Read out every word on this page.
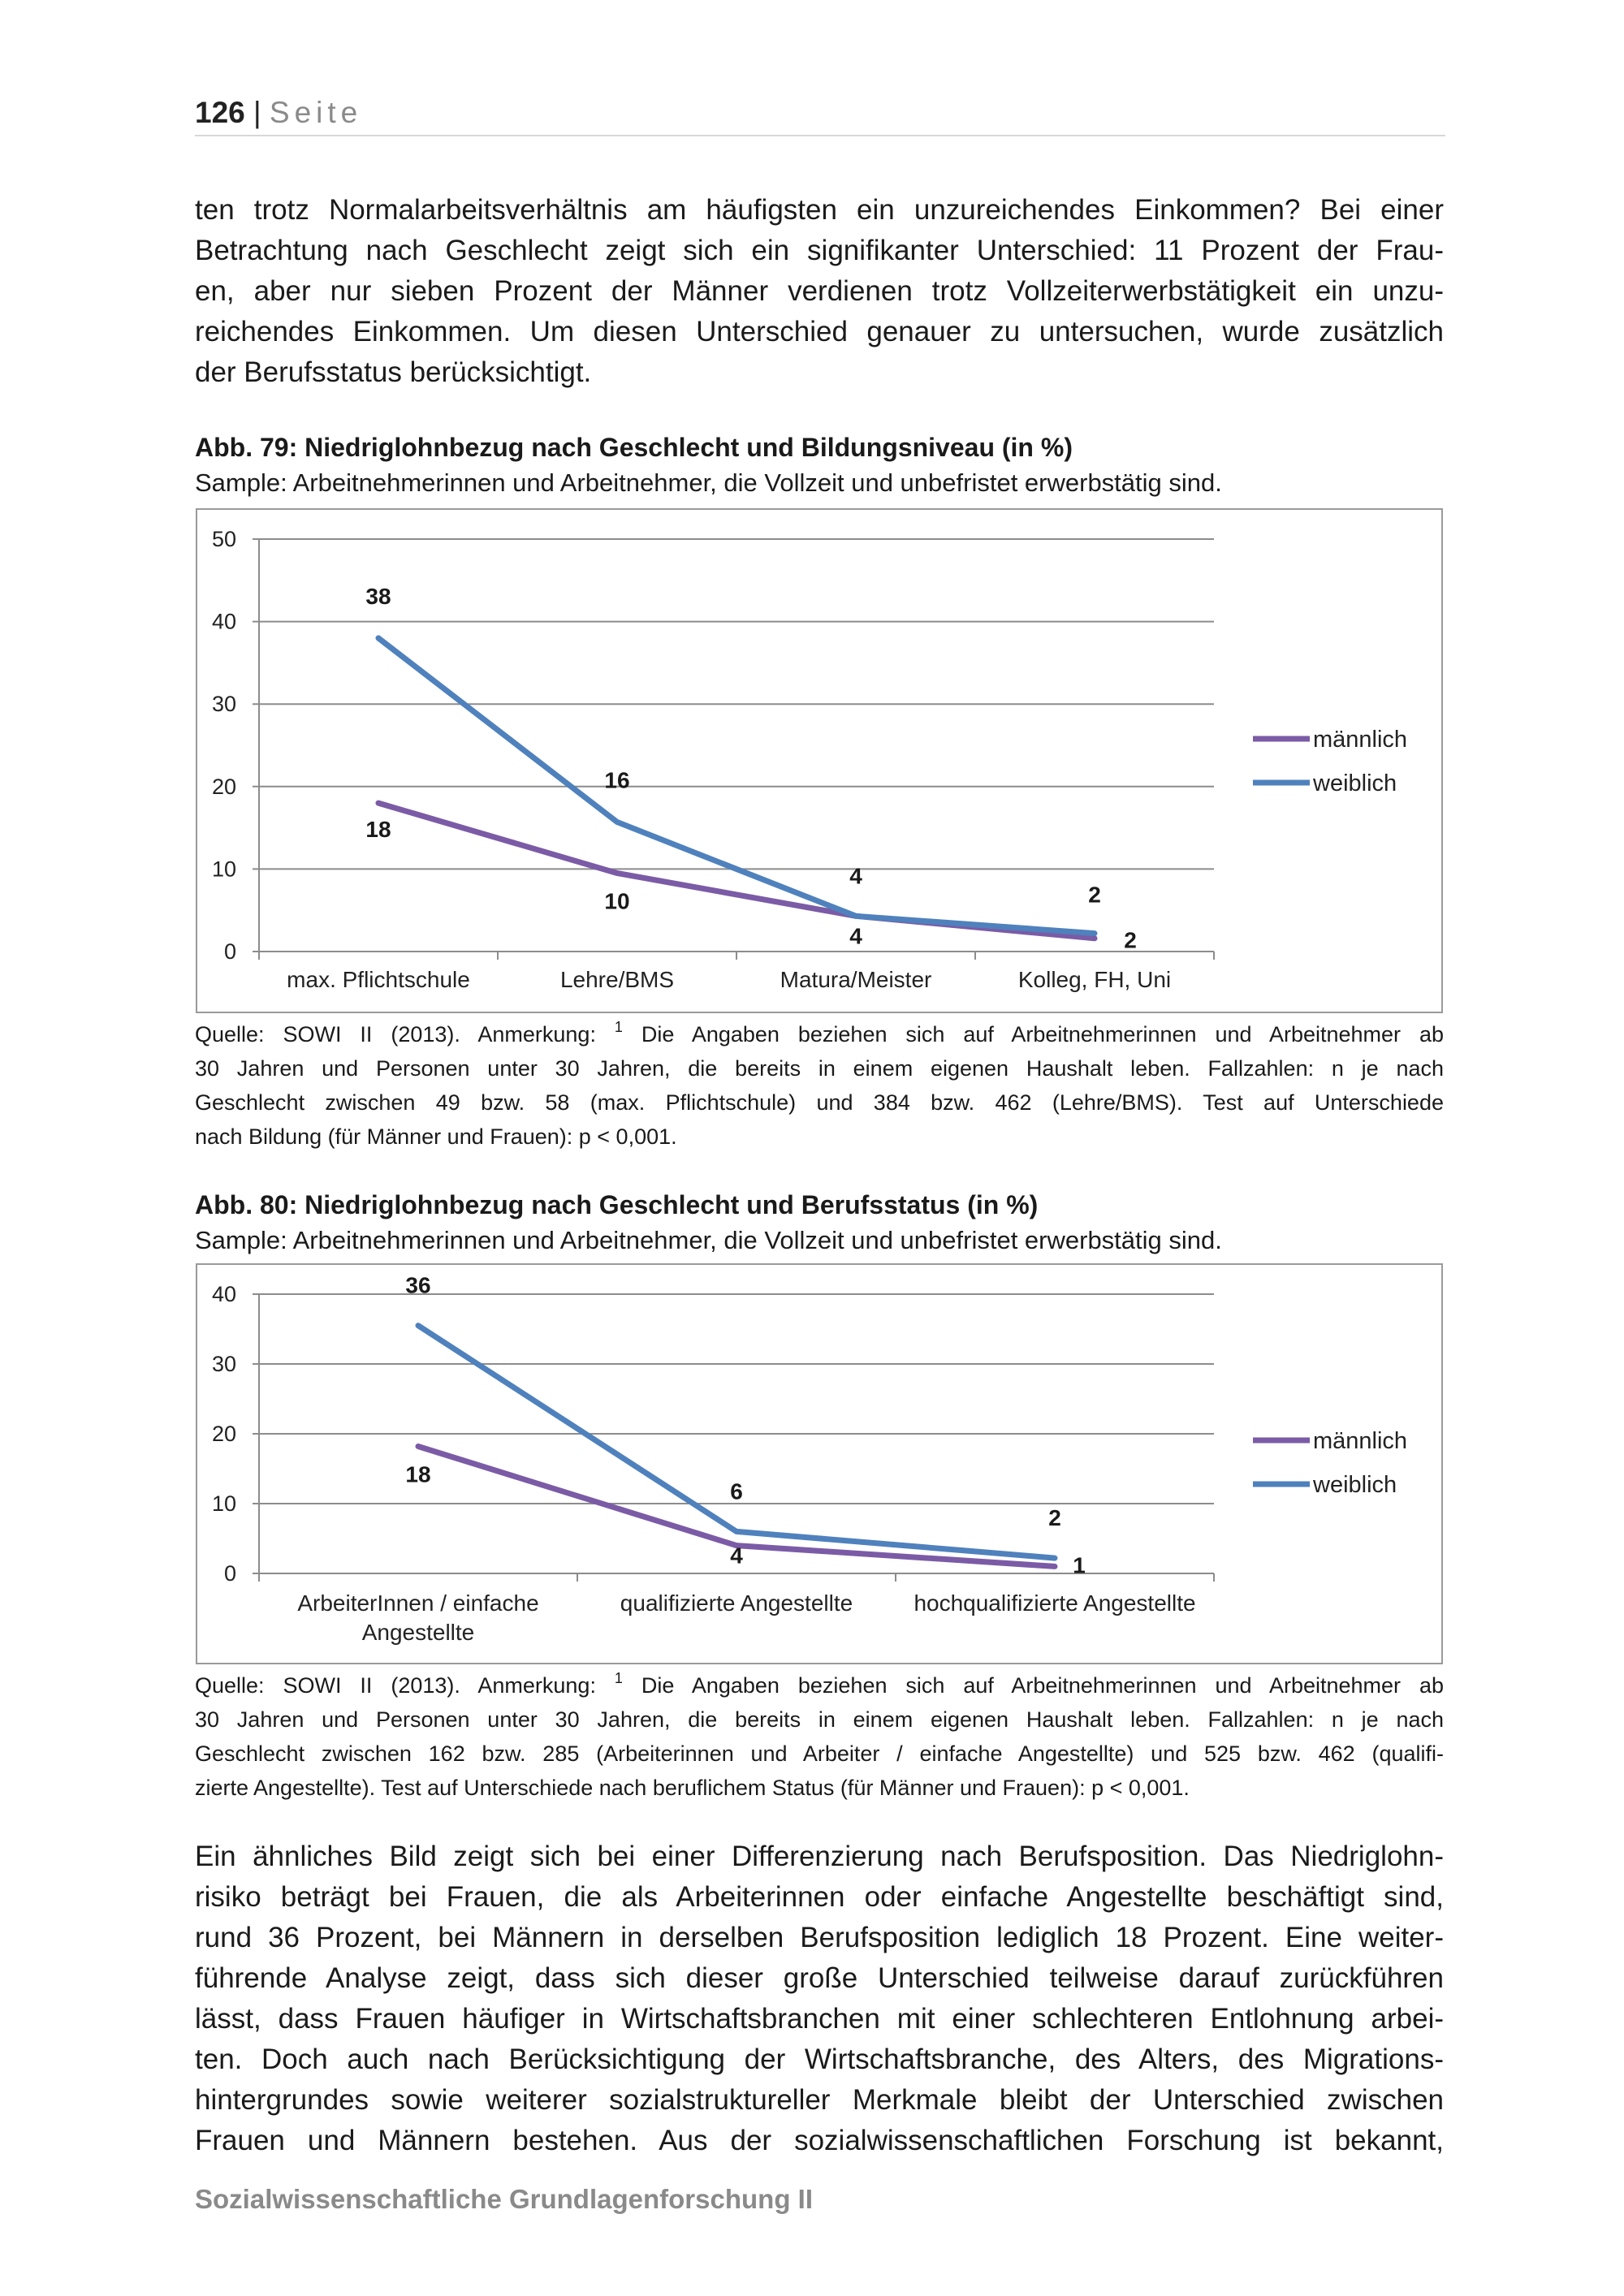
126 | Seite
ten trotz Normalarbeitsverhältnis am häufigsten ein unzureichendes Einkommen? Bei einer
Betrachtung nach Geschlecht zeigt sich ein signifikanter Unterschied: 11 Prozent der Frau-
en, aber nur sieben Prozent der Männer verdienen trotz Vollzeiterwerbstätigkeit ein unzu-
reichendes Einkommen. Um diesen Unterschied genauer zu untersuchen, wurde zusätzlich
der Berufsstatus berücksichtigt.
Abb. 79: Niedriglohnbezug nach Geschlecht und Bildungsniveau (in %)
Sample: Arbeitnehmerinnen und Arbeitnehmer, die Vollzeit und unbefristet erwerbstätig sind.
0
10
20
30
40
50
max. Pflichtschule	Lehre/BMS	Matura/Meister	Kolleg, FH, Uni
18
10
4
2
38
16
4
2
männlich
weiblich
Quelle: SOWI II (2013). Anmerkung: $^1$ Die Angaben beziehen sich auf Arbeitnehmerinnen und Arbeitnehmer ab
30 Jahren und Personen unter 30 Jahren, die bereits in einem eigenen Haushalt leben. Fallzahlen: n je nach
Geschlecht zwischen 49 bzw. 58 (max. Pflichtschule) und 384 bzw. 462 (Lehre/BMS). Test auf Unterschiede
nach Bildung (für Männer und Frauen): p < 0,001.
Abb. 80: Niedriglohnbezug nach Geschlecht und Berufsstatus (in %)
Sample: Arbeitnehmerinnen und Arbeitnehmer, die Vollzeit und unbefristet erwerbstätig sind.
0
10
20
30
40
ArbeiterInnen / einfache
Angestellte
qualifizierte Angestellte	hochqualifizierte Angestellte
18
4	1
36
6
2
männlich
weiblich
Quelle: SOWI II (2013). Anmerkung: $^1$ Die Angaben beziehen sich auf Arbeitnehmerinnen und Arbeitnehmer ab
30 Jahren und Personen unter 30 Jahren, die bereits in einem eigenen Haushalt leben. Fallzahlen: n je nach
Geschlecht zwischen 162 bzw. 285 (Arbeiterinnen und Arbeiter / einfache Angestellte) und 525 bzw. 462 (qualifi-
zierte Angestellte). Test auf Unterschiede nach beruflichem Status (für Männer und Frauen): p < 0,001.
Ein ähnliches Bild zeigt sich bei einer Differenzierung nach Berufsposition. Das Niedriglohn-
risiko beträgt bei Frauen, die als Arbeiterinnen oder einfache Angestellte beschäftigt sind,
rund 36 Prozent, bei Männern in derselben Berufsposition lediglich 18 Prozent. Eine weiter-
führende Analyse zeigt, dass sich dieser große Unterschied teilweise darauf zurückführen
lässt, dass Frauen häufiger in Wirtschaftsbranchen mit einer schlechteren Entlohnung arbei-
ten. Doch auch nach Berücksichtigung der Wirtschaftsbranche, des Alters, des Migrations-
hintergrundes sowie weiterer sozialstruktureller Merkmale bleibt der Unterschied zwischen
Frauen und Männern bestehen. Aus der sozialwissenschaftlichen Forschung ist bekannt,
Sozialwissenschaftliche Grundlagenforschung II
